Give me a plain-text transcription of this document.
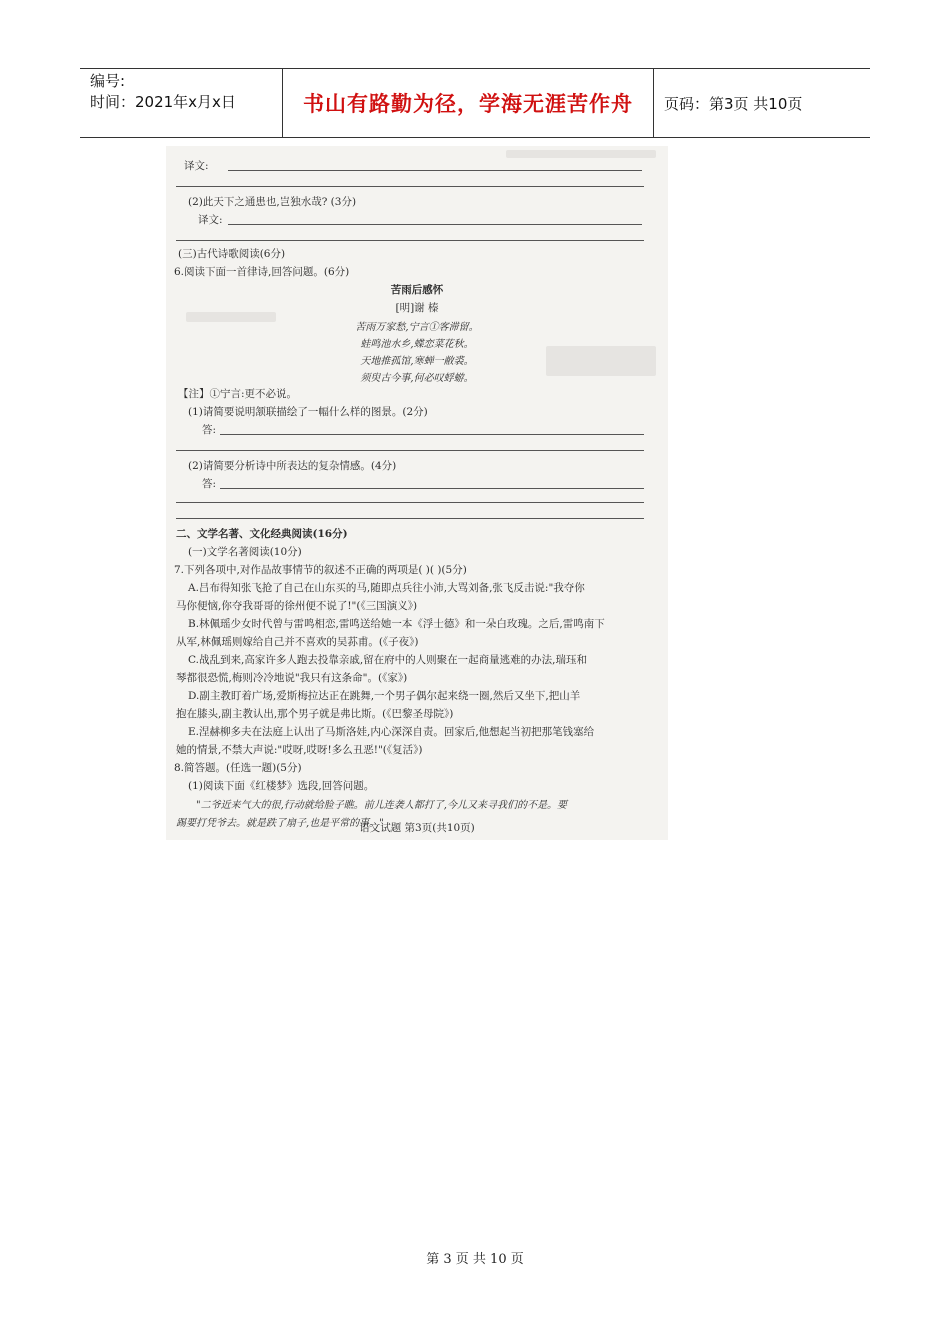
编号:
时间：2021年x月x日	书山有路勤为径，学海无涯苦作舟	页码：第3页 共10页
苦雨后感怀
[明]谢 榛
苦雨万家愁,宁言①客滞留。
蛙鸣池水乡,蝶恋菜花秋。
天地推孤馆,寒蝉一敝裘。
须臾古今事,何必叹蜉蝣。
语文试题 第3页(共10页)
译文:
(2)此天下之通患也,岂独水哉? (3分)
译文:
(三)古代诗歌阅读(6分)
6.阅读下面一首律诗,回答问题。(6分)
【注】①宁言:更不必说。
(1)请简要说明颔联描绘了一幅什么样的图景。(2分)
答:
(2)请简要分析诗中所表达的复杂情感。(4分)
答:
二、文学名著、文化经典阅读(16分)
(一)文学名著阅读(10分)
7.下列各项中,对作品故事情节的叙述不正确的两项是( )( )(5分)
A.吕布得知张飞抢了自己在山东买的马,随即点兵往小沛,大骂刘备,张飞反击说:"我夺你
马你便恼,你夺我哥哥的徐州便不说了!"(《三国演义》)
B.林佩瑶少女时代曾与雷鸣相恋,雷鸣送给她一本《浮士德》和一朵白玫瑰。之后,雷鸣南下
从军,林佩瑶则嫁给自己并不喜欢的吴荪甫。(《子夜》)
C.战乱到来,高家许多人跑去投靠亲戚,留在府中的人则聚在一起商量逃难的办法,瑞珏和
琴都很恐慌,梅则冷冷地说"我只有这条命"。(《家》)
D.副主教盯着广场,爱斯梅拉达正在跳舞,一个男子偶尔起来绕一圈,然后又坐下,把山羊
抱在膝头,副主教认出,那个男子就是弗比斯。(《巴黎圣母院》)
E.涅赫柳多夫在法庭上认出了马斯洛娃,内心深深自责。回家后,他想起当初把那笔钱塞给
她的情景,不禁大声说:"哎呀,哎呀!多么丑恶!"(《复活》)
8.简答题。(任选一题)(5分)
(1)阅读下面《红楼梦》选段,回答问题。
"二爷近来气大的很,行动就给脸子瞧。前儿连袭人都打了,今儿又来寻我们的不是。要
踢要打凭爷去。就是跌了扇子,也是平常的事。"
第 3 页 共 10 页
